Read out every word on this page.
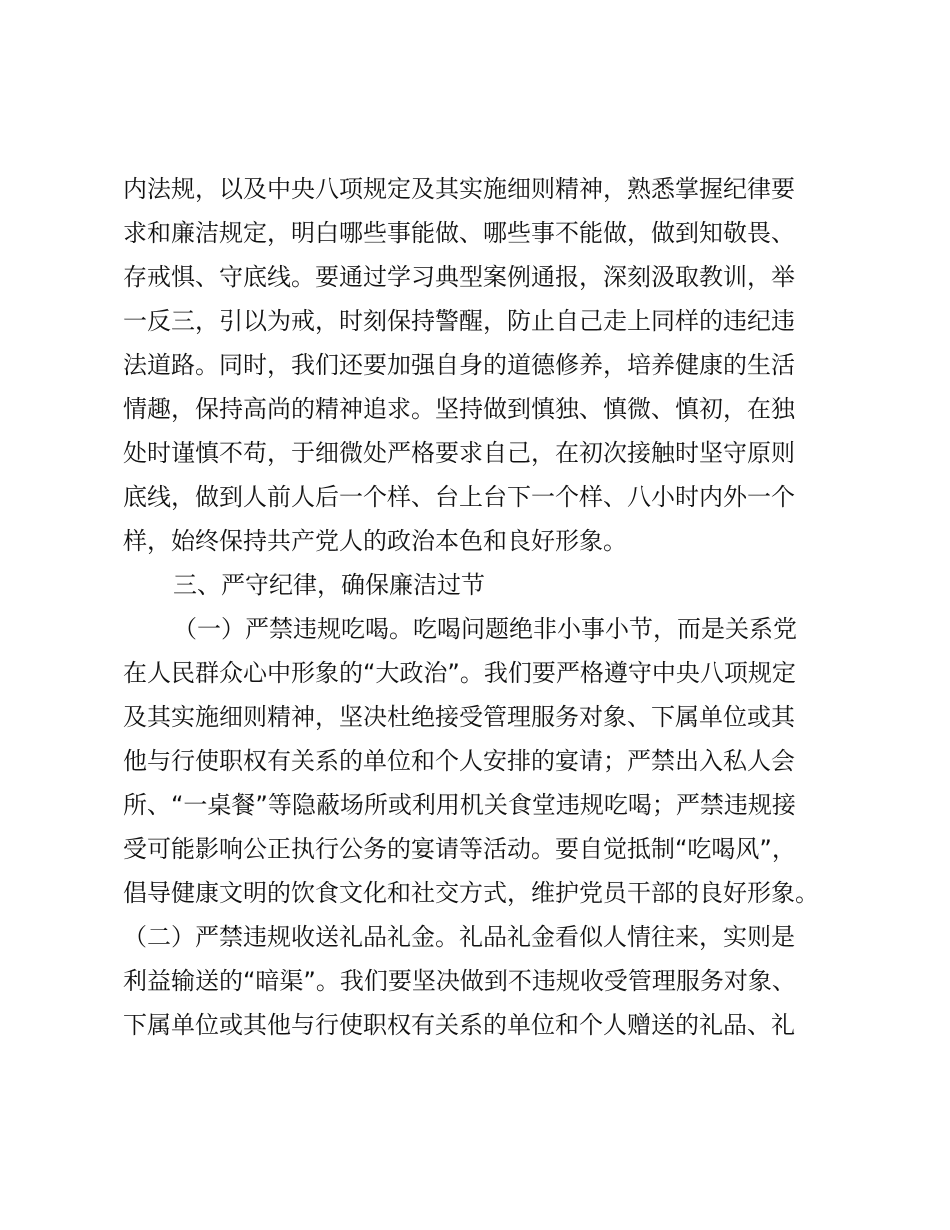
内法规，以及中央八项规定及其实施细则精神，熟悉掌握纪律要
求和廉洁规定，明白哪些事能做、哪些事不能做，做到知敬畏、
存戒惧、守底线。要通过学习典型案例通报，深刻汲取教训，举
一反三，引以为戒，时刻保持警醒，防止自己走上同样的违纪违
法道路。同时，我们还要加强自身的道德修养，培养健康的生活
情趣，保持高尚的精神追求。坚持做到慎独、慎微、慎初，在独
处时谨慎不苟，于细微处严格要求自己，在初次接触时坚守原则
底线，做到人前人后一个样、台上台下一个样、八小时内外一个
样，始终保持共产党人的政治本色和良好形象。
三、严守纪律，确保廉洁过节
（一）严禁违规吃喝。吃喝问题绝非小事小节，而是关系党
在人民群众心中形象的“大政治”。我们要严格遵守中央八项规定
及其实施细则精神，坚决杜绝接受管理服务对象、下属单位或其
他与行使职权有关系的单位和个人安排的宴请；严禁出入私人会
所、“一桌餐”等隐蔽场所或利用机关食堂违规吃喝；严禁违规接
受可能影响公正执行公务的宴请等活动。要自觉抵制“吃喝风”，
倡导健康文明的饮食文化和社交方式，维护党员干部的良好形象。
（二）严禁违规收送礼品礼金。礼品礼金看似人情往来，实则是
利益输送的“暗渠”。我们要坚决做到不违规收受管理服务对象、
下属单位或其他与行使职权有关系的单位和个人赠送的礼品、礼
